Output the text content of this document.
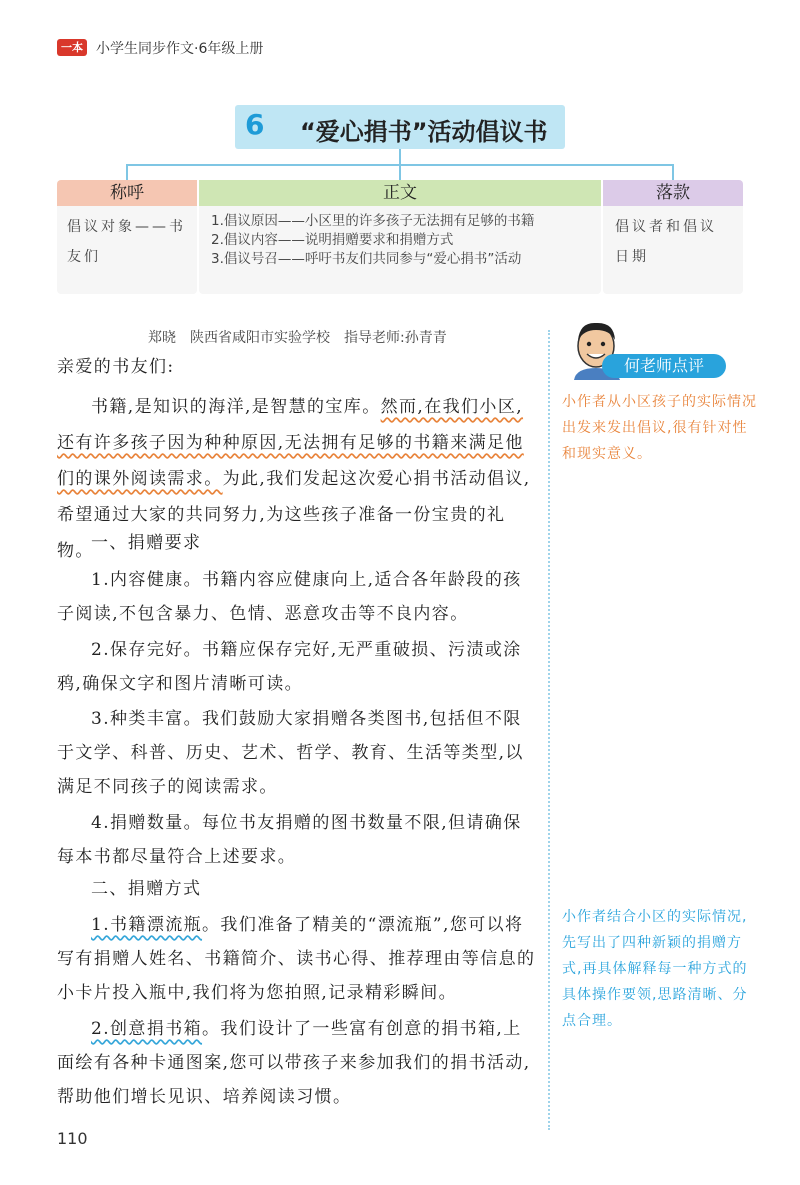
一本 小学生同步作文·6年级上册
6 “爱心捐书”活动倡议书
称呼
倡议对象——书友们
正文
1.倡议原因——小区里的许多孩子无法拥有足够的书籍
2.倡议内容——说明捐赠要求和捐赠方式
3.倡议号召——呼吁书友们共同参与“爱心捐书”活动
落款
倡议者和倡议日期
郑晓　陕西省咸阳市实验学校　指导老师:孙青青
亲爱的书友们:
书籍,是知识的海洋,是智慧的宝库。然而,在我们小区,还有许多孩子因为种种原因,无法拥有足够的书籍来满足他们的课外阅读需求。为此,我们发起这次爱心捐书活动倡议,希望通过大家的共同努力,为这些孩子准备一份宝贵的礼物。
一、捐赠要求
1.内容健康。书籍内容应健康向上,适合各年龄段的孩子阅读,不包含暴力、色情、恶意攻击等不良内容。
2.保存完好。书籍应保存完好,无严重破损、污渍或涂鸦,确保文字和图片清晰可读。
3.种类丰富。我们鼓励大家捐赠各类图书,包括但不限于文学、科普、历史、艺术、哲学、教育、生活等类型,以满足不同孩子的阅读需求。
4.捐赠数量。每位书友捐赠的图书数量不限,但请确保每本书都尽量符合上述要求。
二、捐赠方式
1.书籍漂流瓶。我们准备了精美的“漂流瓶”,您可以将写有捐赠人姓名、书籍简介、读书心得、推荐理由等信息的小卡片投入瓶中,我们将为您拍照,记录精彩瞬间。
2.创意捐书箱。我们设计了一些富有创意的捐书箱,上面绘有各种卡通图案,您可以带孩子来参加我们的捐书活动,帮助他们增长见识、培养阅读习惯。
何老师点评
小作者从小区孩子的实际情况出发来发出倡议,很有针对性和现实意义。
小作者结合小区的实际情况,先写出了四种新颖的捐赠方式,再具体解释每一种方式的具体操作要领,思路清晰、分点合理。
110
